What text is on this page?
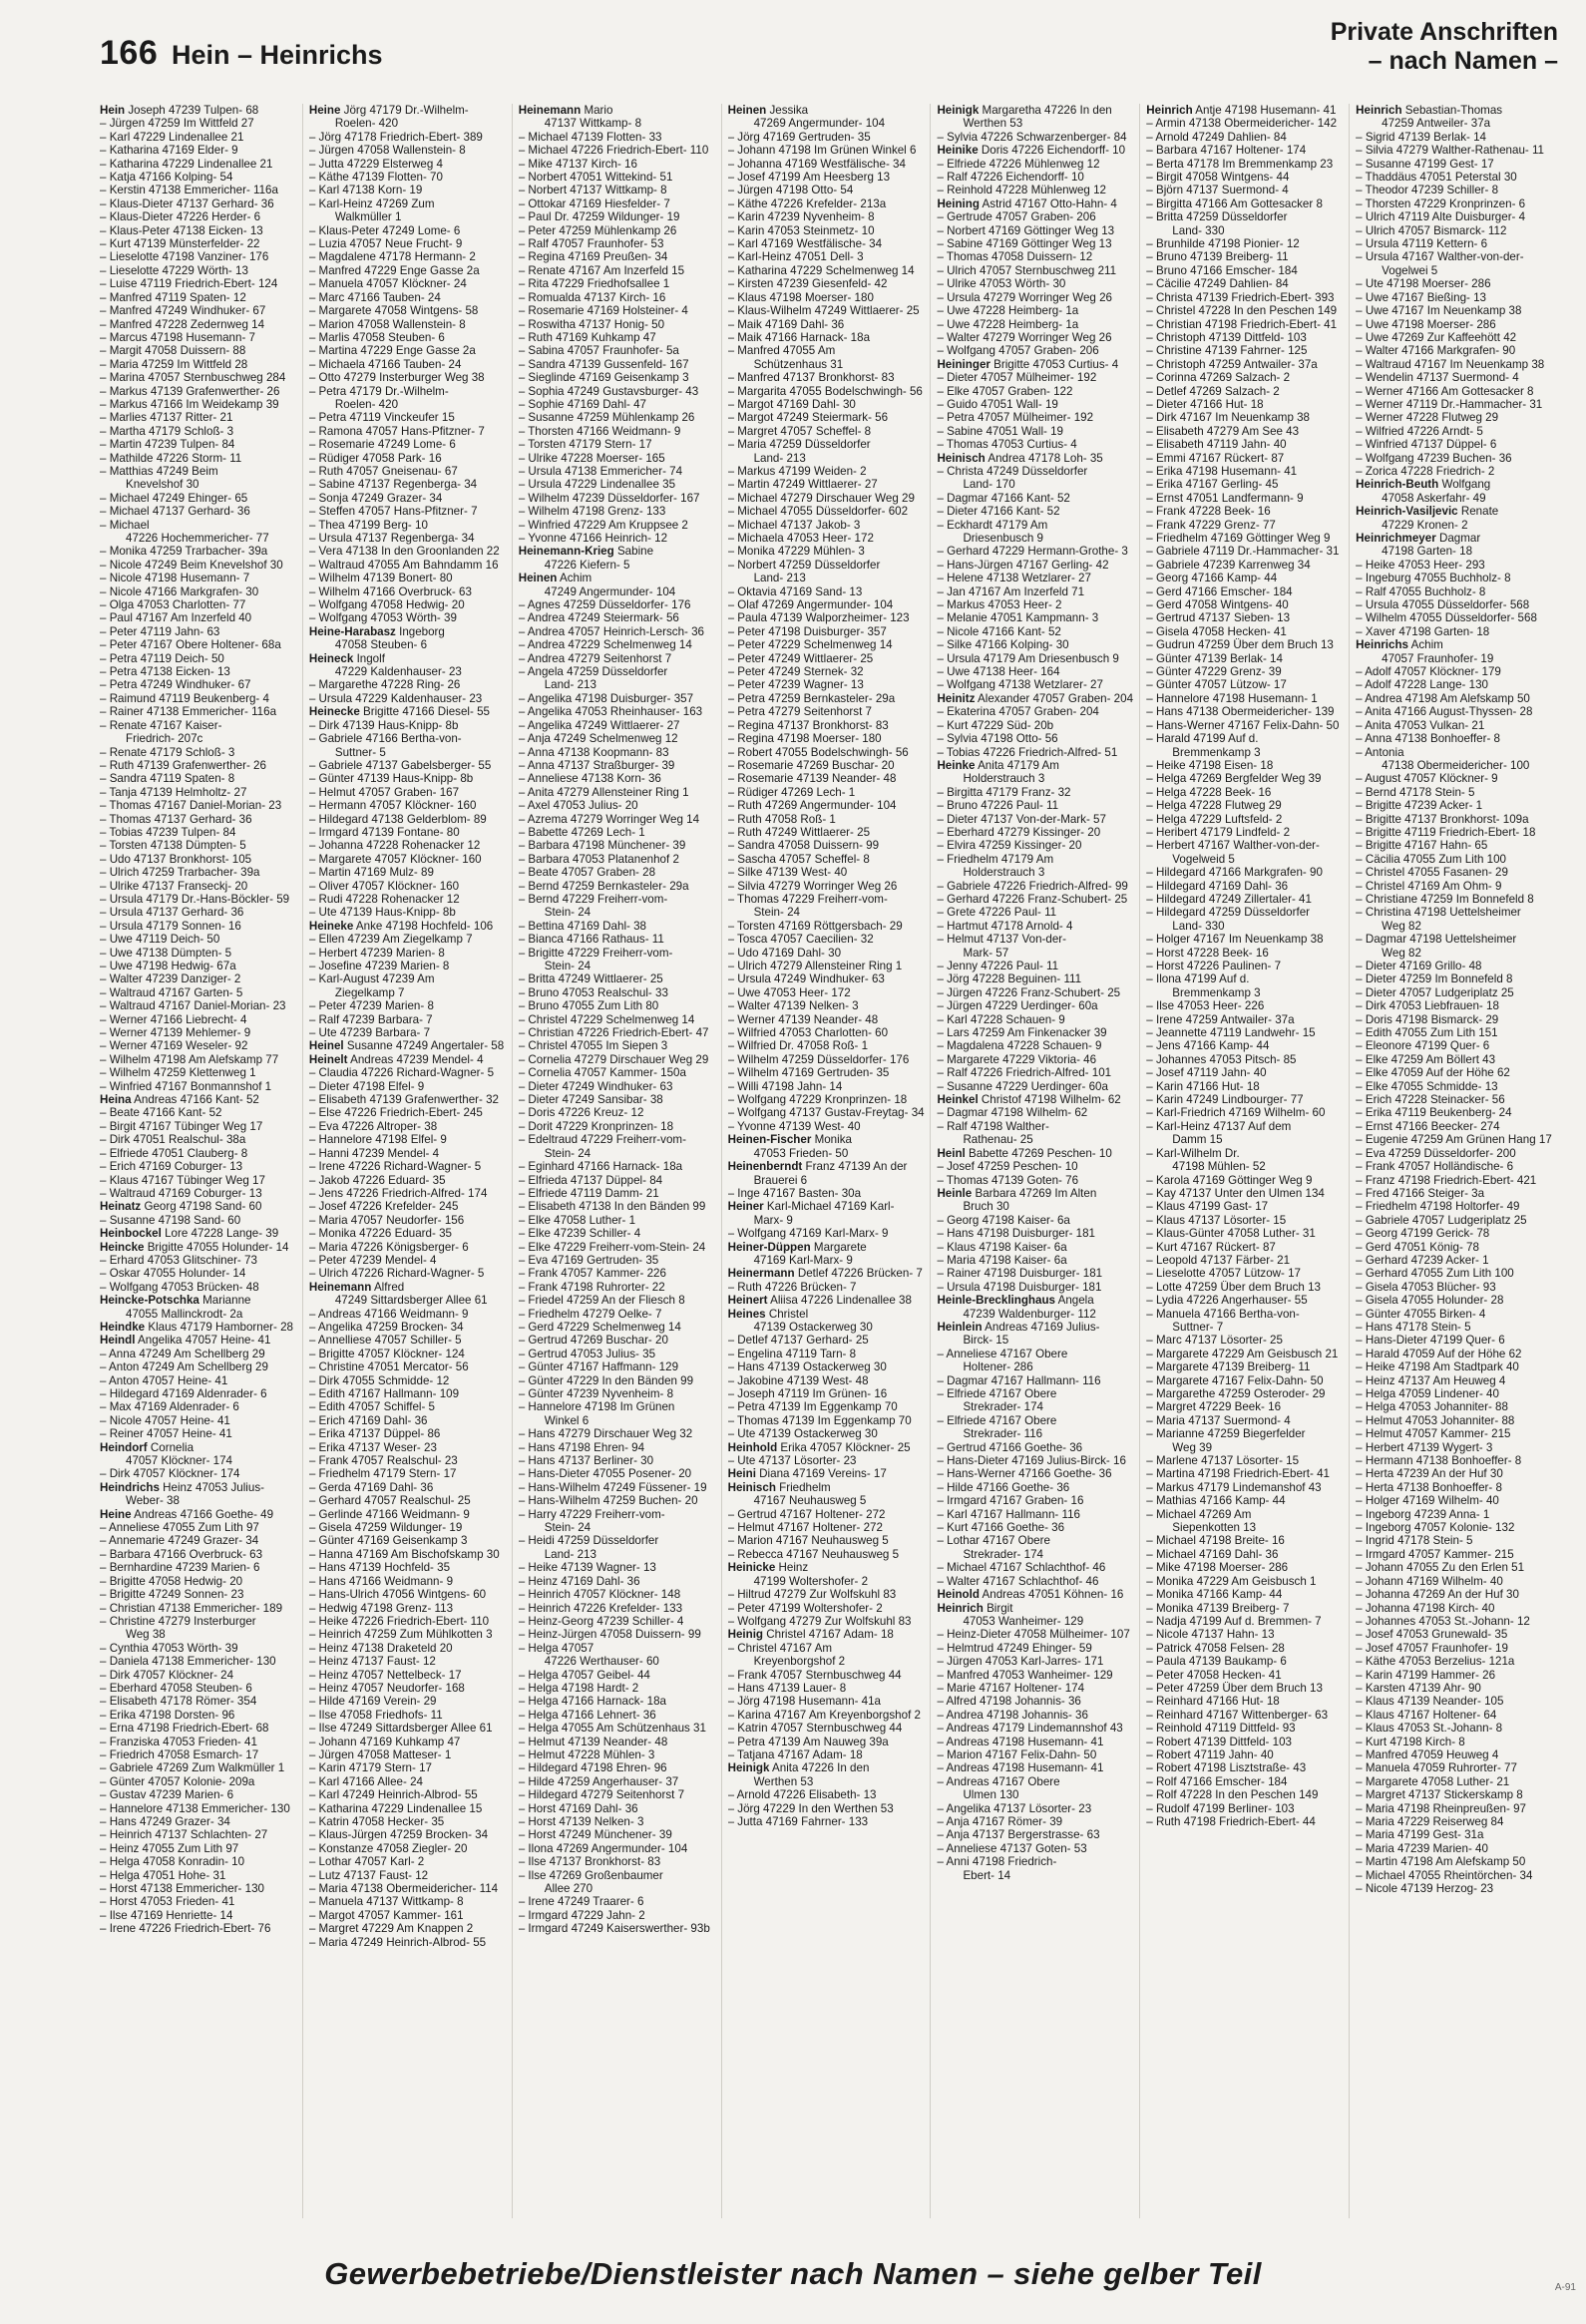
166 Hein – Heinrichs
Private Anschriften
– nach Namen –
Hein Joseph 47239 Tulpen- 68
– Jürgen 47259 Im Wittfeld 27
– Karl 47229 Lindenallee 21
– Katharina 47169 Elder- 9
– Katharina 47229 Lindenallee 21
– Katja 47166 Kolping- 54
– Kerstin 47138 Emmericher- 116a
– Klaus-Dieter 47137 Gerhard- 36
– Klaus-Dieter 47226 Herder- 6
– Klaus-Peter 47138 Eicken- 13
– Kurt 47139 Münsterfelder- 22
– Lieselotte 47198 Vanziner- 176
– Lieselotte 47229 Wörth- 13
– Luise 47119 Friedrich-Ebert- 124
– Manfred 47119 Spaten- 12
– Manfred 47249 Windhuker- 67
– Manfred 47228 Zedernweg 14
– Marcus 47198 Husemann- 7
– Margit 47058 Duissern- 88
– Maria 47259 Im Wittfeld 28
– Marina 47057 Sternbuschweg 284
– Markus 47139 Grafenwerther- 26
– Markus 47166 Im Weidekamp 39
– Marlies 47137 Ritter- 21
– Martha 47179 Schloß- 3
– Martin 47239 Tulpen- 84
– Mathilde 47226 Storm- 11
– Matthias 47249 Beim
Knevelshof 30
– Michael 47249 Ehinger- 65
– Michael 47137 Gerhard- 36
– Michael
47226 Hochemmericher- 77
– Monika 47259 Trarbacher- 39a
– Nicole 47249 Beim Knevelshof 30
– Nicole 47198 Husemann- 7
– Nicole 47166 Markgrafen- 30
– Olga 47053 Charlotten- 77
– Paul 47167 Am Inzerfeld 40
– Peter 47119 Jahn- 63
– Peter 47167 Obere Holtener- 68a
– Petra 47119 Deich- 50
– Petra 47138 Eicken- 13
– Petra 47249 Windhuker- 67
– Raimund 47119 Beukenberg- 4
– Rainer 47138 Emmericher- 116a
– Renate 47167 Kaiser-
Friedrich- 207c
– Renate 47179 Schloß- 3
– Ruth 47139 Grafenwerther- 26
– Sandra 47119 Spaten- 8
– Tanja 47139 Helmholtz- 27
– Thomas 47167 Daniel-Morian- 23
– Thomas 47137 Gerhard- 36
– Tobias 47239 Tulpen- 84
– Torsten 47138 Dümpten- 5
– Udo 47137 Bronkhorst- 105
– Ulrich 47259 Trarbacher- 39a
– Ulrike 47137 Franseckj- 20
– Ursula 47179 Dr.-Hans-Böckler- 59
– Ursula 47137 Gerhard- 36
– Ursula 47179 Sonnen- 16
– Uwe 47119 Deich- 50
– Uwe 47138 Dümpten- 5
– Uwe 47198 Hedwig- 67a
– Walter 47239 Danziger- 2
– Waltraud 47167 Garten- 5
– Waltraud 47167 Daniel-Morian- 23
– Werner 47166 Liebrecht- 4
– Werner 47139 Mehlemer- 9
– Werner 47169 Weseler- 92
– Wilhelm 47198 Am Alefskamp 77
– Wilhelm 47259 Klettenweg 1
– Winfried 47167 Bonmannshof 1
Heina Andreas 47166 Kant- 52
– Beate 47166 Kant- 52
– Birgit 47167 Tübinger Weg 17
– Dirk 47051 Realschul- 38a
– Elfriede 47051 Clauberg- 8
– Erich 47169 Coburger- 13
– Klaus 47167 Tübinger Weg 17
– Waltraud 47169 Coburger- 13
Heinatz Georg 47198 Sand- 60
– Susanne 47198 Sand- 60
Heinbockel Lore 47228 Lange- 39
Heincke Brigitte 47055 Holunder- 14
– Erhard 47053 Glitschiner- 73
– Oskar 47055 Holunder- 14
– Wolfgang 47053 Brücken- 48
Heincke-Potschka Marianne
47055 Mallinckrodt- 2a
Heindke Klaus 47179 Hamborner- 28
Heindl Angelika 47057 Heine- 41
– Anna 47249 Am Schellberg 29
– Anton 47249 Am Schellberg 29
– Anton 47057 Heine- 41
– Hildegard 47169 Aldenrader- 6
– Max 47169 Aldenrader- 6
– Nicole 47057 Heine- 41
– Reiner 47057 Heine- 41
Heindorf Cornelia
47057 Klöckner- 174
– Dirk 47057 Klöckner- 174
Heindrichs Heinz 47053 Julius-
Weber- 38
Heine Andreas 47166 Goethe- 49
– Anneliese 47055 Zum Lith 97
– Annemarie 47249 Grazer- 34
– Barbara 47166 Overbruck- 63
– Bernhardine 47239 Marien- 6
– Brigitte 47058 Hedwig- 20
– Brigitte 47249 Sonnen- 23
– Christian 47138 Emmericher- 189
– Christine 47279 Insterburger
Weg 38
– Cynthia 47053 Wörth- 39
– Daniela 47138 Emmericher- 130
– Dirk 47057 Klöckner- 24
– Eberhard 47058 Steuben- 6
– Elisabeth 47178 Römer- 354
– Erika 47198 Dorsten- 96
– Erna 47198 Friedrich-Ebert- 68
– Franziska 47053 Frieden- 41
– Friedrich 47058 Esmarch- 17
– Gabriele 47269 Zum Walkmüller 1
– Günter 47057 Kolonie- 209a
– Gustav 47239 Marien- 6
– Hannelore 47138 Emmericher- 130
– Hans 47249 Grazer- 34
– Heinrich 47137 Schlachten- 27
– Heinz 47055 Zum Lith 97
– Helga 47058 Konradin- 10
– Helga 47051 Hohe- 31
– Horst 47138 Emmericher- 130
– Horst 47053 Frieden- 41
– Ilse 47169 Henriette- 14
– Irene 47226 Friedrich-Ebert- 76
Heine Jörg 47179 Dr.-Wilhelm-
Roelen- 420
– Jörg 47178 Friedrich-Ebert- 389
– Jürgen 47058 Wallenstein- 8
– Jutta 47229 Elsterweg 4
– Käthe 47139 Flotten- 70
– Karl 47138 Korn- 19
– Karl-Heinz 47269 Zum
Walkmüller 1
– Klaus-Peter 47249 Lome- 6
– Luzia 47057 Neue Frucht- 9
– Magdalene 47178 Hermann- 2
– Manfred 47229 Enge Gasse 2a
– Manuela 47057 Klöckner- 24
– Marc 47166 Tauben- 24
– Margarete 47058 Wintgens- 58
– Marion 47058 Wallenstein- 8
– Marlis 47058 Steuben- 6
– Martina 47229 Enge Gasse 2a
– Michaela 47166 Tauben- 24
– Otto 47279 Insterburger Weg 38
– Petra 47179 Dr.-Wilhelm-
Roelen- 420
– Petra 47119 Vinckeufer 15
– Ramona 47057 Hans-Pfitzner- 7
– Rosemarie 47249 Lome- 6
– Rüdiger 47058 Park- 16
– Ruth 47057 Gneisenau- 67
– Sabine 47137 Regenberga- 34
– Sonja 47249 Grazer- 34
– Steffen 47057 Hans-Pfitzner- 7
– Thea 47199 Berg- 10
– Ursula 47137 Regenberga- 34
– Vera 47138 In den Groonlanden 22
– Waltraud 47055 Am Bahndamm 16
– Wilhelm 47139 Bonert- 80
– Wilhelm 47166 Overbruck- 63
– Wolfgang 47058 Hedwig- 20
– Wolfgang 47053 Wörth- 39
Heine-Harabasz Ingeborg
47058 Steuben- 6
Heineck Ingolf
47229 Kaldenhauser- 23
– Margarethe 47228 Ring- 26
– Ursula 47229 Kaldenhauser- 23
Heinecke Brigitte 47166 Diesel- 55
– Dirk 47139 Haus-Knipp- 8b
– Gabriele 47166 Bertha-von-
Suttner- 5
– Gabriele 47137 Gabelsberger- 55
– Günter 47139 Haus-Knipp- 8b
– Helmut 47057 Graben- 167
– Hermann 47057 Klöckner- 160
– Hildegard 47138 Gelderblom- 89
– Irmgard 47139 Fontane- 80
– Johanna 47228 Rohenacker 12
– Margarete 47057 Klöckner- 160
– Martin 47169 Mulz- 89
– Oliver 47057 Klöckner- 160
– Rudi 47228 Rohenacker 12
– Ute 47139 Haus-Knipp- 8b
Heineke Anke 47198 Hochfeld- 106
– Ellen 47239 Am Ziegelkamp 7
– Herbert 47239 Marien- 8
– Josefine 47239 Marien- 8
– Karl-August 47239 Am
Ziegelkamp 7
– Peter 47239 Marien- 8
– Ralf 47239 Barbara- 7
– Ute 47239 Barbara- 7
Heinel Susanne 47249 Angertaler- 58
Heinelt Andreas 47239 Mendel- 4
– Claudia 47226 Richard-Wagner- 5
– Dieter 47198 Elfel- 9
– Elisabeth 47139 Grafenwerther- 32
– Else 47226 Friedrich-Ebert- 245
– Eva 47226 Altroper- 38
– Hannelore 47198 Elfel- 9
– Hanni 47239 Mendel- 4
– Irene 47226 Richard-Wagner- 5
– Jakob 47226 Eduard- 35
– Jens 47226 Friedrich-Alfred- 174
– Josef 47226 Krefelder- 245
– Maria 47057 Neudorfer- 156
– Monika 47226 Eduard- 35
– Maria 47226 Königsberger- 6
– Peter 47239 Mendel- 4
– Ulrich 47226 Richard-Wagner- 5
Heinemann Alfred
47249 Sittardsberger Allee 61
– Andreas 47166 Weidmann- 9
– Angelika 47259 Brocken- 34
– Annelliese 47057 Schiller- 5
– Brigitte 47057 Klöckner- 124
– Christine 47051 Mercator- 56
– Dirk 47055 Schmidde- 12
– Edith 47167 Hallmann- 109
– Edith 47057 Schiffel- 5
– Erich 47169 Dahl- 36
– Erika 47137 Düppel- 86
– Erika 47137 Weser- 23
– Frank 47057 Realschul- 23
– Friedhelm 47179 Stern- 17
– Gerda 47169 Dahl- 36
– Gerhard 47057 Realschul- 25
– Gerlinde 47166 Weidmann- 9
– Gisela 47259 Wildunger- 19
– Günter 47169 Geisenkamp 3
– Hanna 47169 Am Bischofskamp 30
– Hans 47139 Hochfeld- 35
– Hans 47166 Weidmann- 9
– Hans-Ulrich 47056 Wintgens- 60
– Hedwig 47198 Grenz- 113
– Heike 47226 Friedrich-Ebert- 110
– Heinrich 47259 Zum Mühlkotten 3
– Heinz 47138 Draketeld 20
– Heinz 47137 Faust- 12
– Heinz 47057 Nettelbeck- 17
– Heinz 47057 Neudorfer- 168
– Hilde 47169 Verein- 29
– Ilse 47058 Friedhofs- 11
– Ilse 47249 Sittardsberger Allee 61
– Johann 47169 Kuhkamp 47
– Jürgen 47058 Matteser- 1
– Karin 47179 Stern- 17
– Karl 47166 Allee- 24
– Karl 47249 Heinrich-Albrod- 55
– Katharina 47229 Lindenallee 15
– Katrin 47058 Hecker- 35
– Klaus-Jürgen 47259 Brocken- 34
– Konstanze 47058 Ziegler- 20
– Lothar 47057 Karl- 2
– Lutz 47137 Faust- 12
– Maria 47138 Obermeidericher- 114
– Manuela 47137 Wittkamp- 8
– Margot 47057 Kammer- 161
– Margret 47229 Am Knappen 2
– Maria 47249 Heinrich-Albrod- 55
Heinemann Mario
47137 Wittkamp- 8
– Michael 47139 Flotten- 33
– Michael 47226 Friedrich-Ebert- 110
– Mike 47137 Kirch- 16
– Norbert 47051 Wittekind- 51
– Norbert 47137 Wittkamp- 8
– Ottokar 47169 Hiesfelder- 7
– Paul Dr. 47259 Wildunger- 19
– Peter 47259 Mühlenkamp 26
– Ralf 47057 Fraunhofer- 53
– Regina 47169 Preußen- 34
– Renate 47167 Am Inzerfeld 15
– Rita 47229 Friedhofsallee 1
– Romualda 47137 Kirch- 16
– Rosemarie 47169 Holsteiner- 4
– Roswitha 47137 Honig- 50
– Ruth 47169 Kuhkamp 47
– Sabina 47057 Fraunhofer- 5a
– Sandra 47139 Gussenfeld- 167
– Sieglinde 47169 Geisenkamp 3
– Sophia 47249 Gustavsburger- 43
– Sophie 47169 Dahl- 47
– Susanne 47259 Mühlenkamp 26
– Thorsten 47166 Weidmann- 9
– Torsten 47179 Stern- 17
– Ulrike 47228 Moerser- 165
– Ursula 47138 Emmericher- 74
– Ursula 47229 Lindenallee 35
– Wilhelm 47239 Düsseldorfer- 167
– Wilhelm 47198 Grenz- 133
– Winfried 47229 Am Kruppsee 2
– Yvonne 47166 Heinrich- 12
Heinemann-Krieg Sabine
47226 Kiefern- 5
Heinen Achim
47249 Angermunder- 104
– Agnes 47259 Düsseldorfer- 176
– Andrea 47249 Steiermark- 56
– Andrea 47057 Heinrich-Lersch- 36
– Andrea 47229 Schelmenweg 14
– Andrea 47279 Seitenhorst 7
– Angela 47259 Düsseldorfer
Land- 213
– Angelika 47198 Duisburger- 357
– Angelika 47053 Rheinhauser- 163
– Angelika 47249 Wittlaerer- 27
– Anja 47249 Schelmenweg 12
– Anna 47138 Koopmann- 83
– Anna 47137 Straßburger- 39
– Anneliese 47138 Korn- 36
– Anita 47279 Allensteiner Ring 1
– Axel 47053 Julius- 20
– Azrema 47279 Worringer Weg 14
– Babette 47269 Lech- 1
– Barbara 47198 Münchener- 39
– Barbara 47053 Platanenhof 2
– Beate 47057 Graben- 28
– Bernd 47259 Bernkasteler- 29a
– Bernd 47229 Freiherr-vom-
Stein- 24
– Bettina 47169 Dahl- 38
– Bianca 47166 Rathaus- 11
– Brigitte 47229 Freiherr-vom-
Stein- 24
– Britta 47249 Wittlaerer- 25
– Bruno 47053 Realschul- 33
– Bruno 47055 Zum Lith 80
– Christel 47229 Schelmenweg 14
– Christian 47226 Friedrich-Ebert- 47
– Christel 47055 Im Siepen 3
– Cornelia 47279 Dirschauer Weg 29
– Cornelia 47057 Kammer- 150a
– Dieter 47249 Windhuker- 63
– Dieter 47249 Sansibar- 38
– Doris 47226 Kreuz- 12
– Dorit 47229 Kronprinzen- 18
– Edeltraud 47229 Freiherr-vom-
Stein- 24
– Eginhard 47166 Harnack- 18a
– Elfrieda 47137 Düppel- 84
– Elfriede 47119 Damm- 21
– Elisabeth 47138 In den Bänden 99
– Elke 47058 Luther- 1
– Elke 47239 Schiller- 4
– Elke 47229 Freiherr-vom-Stein- 24
– Eva 47169 Gertruden- 35
– Frank 47057 Kammer- 226
– Frank 47198 Ruhrorter- 22
– Friedel 47259 An der Fliesch 8
– Friedhelm 47279 Oelke- 7
– Gerd 47229 Schelmenweg 14
– Gertrud 47269 Buschar- 20
– Gertrud 47053 Julius- 35
– Günter 47167 Haffmann- 129
– Günter 47229 In den Bänden 99
– Günter 47239 Nyvenheim- 8
– Hannelore 47198 Im Grünen
Winkel 6
– Hans 47279 Dirschauer Weg 32
– Hans 47198 Ehren- 94
– Hans 47137 Berliner- 30
– Hans-Dieter 47055 Posener- 20
– Hans-Wilhelm 47249 Füssener- 19
– Hans-Wilhelm 47259 Buchen- 20
– Harry 47229 Freiherr-vom-
Stein- 24
– Heidi 47259 Düsseldorfer
Land- 213
– Heike 47139 Wagner- 13
– Heinz 47169 Dahl- 36
– Heinrich 47057 Klöckner- 148
– Heinrich 47226 Krefelder- 133
– Heinz-Georg 47239 Schiller- 4
– Heinz-Jürgen 47058 Duissern- 99
– Helga 47057
47226 Werthauser- 60
– Helga 47057 Geibel- 44
– Helga 47198 Hardt- 2
– Helga 47166 Harnack- 18a
– Helga 47166 Lehnert- 36
– Helga 47055 Am Schützenhaus 31
– Helmut 47139 Neander- 48
– Helmut 47228 Mühlen- 3
– Hildegard 47198 Ehren- 96
– Hilde 47259 Angerhauser- 37
– Hildegard 47279 Seitenhorst 7
– Horst 47169 Dahl- 36
– Horst 47139 Nelken- 3
– Horst 47249 Münchener- 39
– Ilona 47269 Angermunder- 104
– Ilse 47137 Bronkhorst- 83
– Ilse 47269 Großenbaumer
Allee 270
– Irene 47249 Traarer- 6
– Irmgard 47229 Jahn- 2
– Irmgard 47249 Kaiserswerther- 93b
Heinen Jessika
47269 Angermunder- 104
– Jörg 47169 Gertruden- 35
– Johann 47198 Im Grünen Winkel 6
– Johanna 47169 Westfälische- 34
– Josef 47199 Am Heesberg 13
– Jürgen 47198 Otto- 54
– Käthe 47226 Krefelder- 213a
– Karin 47239 Nyvenheim- 8
– Karin 47053 Steinmetz- 10
– Karl 47169 Westfälische- 34
– Karl-Heinz 47051 Dell- 3
– Katharina 47229 Schelmenweg 14
– Kirsten 47239 Giesenfeld- 42
– Klaus 47198 Moerser- 180
– Klaus-Wilhelm 47249 Wittlaerer- 25
– Maik 47169 Dahl- 36
– Maik 47166 Harnack- 18a
– Manfred 47055 Am
Schützenhaus 31
– Manfred 47137 Bronkhorst- 83
– Margarita 47055 Bodelschwingh- 56
– Margot 47169 Dahl- 30
– Margot 47249 Steiermark- 56
– Margret 47057 Scheffel- 8
– Maria 47259 Düsseldorfer
Land- 213
– Markus 47199 Weiden- 2
– Martin 47249 Wittlaerer- 27
– Michael 47279 Dirschauer Weg 29
– Michael 47055 Düsseldorfer- 602
– Michael 47137 Jakob- 3
– Michaela 47053 Heer- 172
– Monika 47229 Mühlen- 3
– Norbert 47259 Düsseldorfer
Land- 213
– Oktavia 47169 Sand- 13
– Olaf 47269 Angermunder- 104
– Paula 47139 Walporzheimer- 123
– Peter 47198 Duisburger- 357
– Peter 47229 Schelmenweg 14
– Peter 47249 Wittlaerer- 25
– Peter 47249 Sternek- 32
– Peter 47239 Wagner- 13
– Petra 47259 Bernkasteler- 29a
– Petra 47279 Seitenhorst 7
– Regina 47137 Bronkhorst- 83
– Regina 47198 Moerser- 180
– Robert 47055 Bodelschwingh- 56
– Rosemarie 47269 Buschar- 20
– Rosemarie 47139 Neander- 48
– Rüdiger 47269 Lech- 1
– Ruth 47269 Angermunder- 104
– Ruth 47058 Roß- 1
– Ruth 47249 Wittlaerer- 25
– Sandra 47058 Duissern- 99
– Sascha 47057 Scheffel- 8
– Silke 47139 West- 40
– Silvia 47279 Worringer Weg 26
– Thomas 47229 Freiherr-vom-
Stein- 24
– Torsten 47169 Röttgersbach- 29
– Tosca 47057 Caecilien- 32
– Udo 47169 Dahl- 30
– Ulrich 47279 Allensteiner Ring 1
– Ursula 47249 Windhuker- 63
– Uwe 47053 Heer- 172
– Walter 47139 Nelken- 3
– Werner 47139 Neander- 48
– Wilfried 47053 Charlotten- 60
– Wilfried Dr. 47058 Roß- 1
– Wilhelm 47259 Düsseldorfer- 176
– Wilhelm 47169 Gertruden- 35
– Willi 47198 Jahn- 14
– Wolfgang 47229 Kronprinzen- 18
– Wolfgang 47137 Gustav-Freytag- 34
– Yvonne 47139 West- 40
Heinen-Fischer Monika
47053 Frieden- 50
Heinenberndt Franz 47139 An der
Brauerei 6
– Inge 47167 Basten- 30a
Heiner Karl-Michael 47169 Karl-
Marx- 9
– Wolfgang 47169 Karl-Marx- 9
Heiner-Düppen Margarete
47169 Karl-Marx- 9
Heinermann Detlef 47226 Brücken- 7
– Ruth 47226 Brücken- 7
Heinert Aliisa 47226 Lindenallee 38
Heines Christel
47139 Ostackerweg 30
– Detlef 47137 Gerhard- 25
– Engelina 47119 Tarn- 8
– Hans 47139 Ostackerweg 30
– Jakobine 47139 West- 48
– Joseph 47119 Im Grünen- 16
– Petra 47139 Im Eggenkamp 70
– Thomas 47139 Im Eggenkamp 70
– Ute 47139 Ostackerweg 30
Heinhold Erika 47057 Klöckner- 25
– Ute 47137 Lösorter- 23
Heini Diana 47169 Vereins- 17
Heinisch Friedhelm
47167 Neuhausweg 5
– Gertrud 47167 Holtener- 272
– Helmut 47167 Holtener- 272
– Marion 47167 Neuhausweg 5
– Rebecca 47167 Neuhausweg 5
Heinicke Heinz
47199 Woltershofer- 2
– Hiltrud 47279 Zur Wolfskuhl 83
– Peter 47199 Woltershofer- 2
– Wolfgang 47279 Zur Wolfskuhl 83
Heinig Christel 47167 Adam- 18
– Christel 47167 Am
Kreyenborgshof 2
– Frank 47057 Sternbuschweg 44
– Hans 47139 Lauer- 8
– Jörg 47198 Husemann- 41a
– Karina 47167 Am Kreyenborgshof 2
– Katrin 47057 Sternbuschweg 44
– Petra 47139 Am Nauweg 39a
– Tatjana 47167 Adam- 18
Heinigk Anita 47226 In den
Werthen 53
– Arnold 47226 Elisabeth- 13
– Jörg 47229 In den Werthen 53
– Jutta 47169 Fahrner- 133
Heinigk Margaretha 47226 In den
Werthen 53
– Sylvia 47226 Schwarzenberger- 84
Heinike Doris 47226 Eichendorff- 10
– Elfriede 47226 Mühlenweg 12
– Ralf 47226 Eichendorff- 10
– Reinhold 47228 Mühlenweg 12
Heining Astrid 47167 Otto-Hahn- 4
– Gertrude 47057 Graben- 206
– Norbert 47169 Göttinger Weg 13
– Sabine 47169 Göttinger Weg 13
– Thomas 47058 Duissern- 12
– Ulrich 47057 Sternbuschweg 211
– Ulrike 47053 Wörth- 30
– Ursula 47279 Worringer Weg 26
– Uwe 47228 Heimberg- 1a
– Uwe 47228 Heimberg- 1a
– Walter 47279 Worringer Weg 26
– Wolfgang 47057 Graben- 206
Heininger Brigitte 47053 Curtius- 4
– Dieter 47057 Mülheimer- 192
– Elke 47057 Graben- 122
– Guido 47051 Wall- 19
– Petra 47057 Mülheimer- 192
– Sabine 47051 Wall- 19
– Thomas 47053 Curtius- 4
Heinisch Andrea 47178 Loh- 35
– Christa 47249 Düsseldorfer
Land- 170
– Dagmar 47166 Kant- 52
– Dieter 47166 Kant- 52
– Eckhardt 47179 Am
Driesenbusch 9
– Gerhard 47229 Hermann-Grothe- 3
– Hans-Jürgen 47167 Gerling- 42
– Helene 47138 Wetzlarer- 27
– Jan 47167 Am Inzerfeld 71
– Markus 47053 Heer- 2
– Melanie 47051 Kampmann- 3
– Nicole 47166 Kant- 52
– Silke 47166 Kolping- 30
– Ursula 47179 Am Driesenbusch 9
– Uwe 47138 Heer- 164
– Wolfgang 47138 Wetzlarer- 27
Heinitz Alexander 47057 Graben- 204
– Ekaterina 47057 Graben- 204
– Kurt 47229 Süd- 20b
– Sylvia 47198 Otto- 56
– Tobias 47226 Friedrich-Alfred- 51
Heinke Anita 47179 Am
Holderstrauch 3
– Birgitta 47179 Franz- 32
– Bruno 47226 Paul- 11
– Dieter 47137 Von-der-Mark- 57
– Eberhard 47279 Kissinger- 20
– Elvira 47259 Kissinger- 20
– Friedhelm 47179 Am
Holderstrauch 3
– Gabriele 47226 Friedrich-Alfred- 99
– Gerhard 47226 Franz-Schubert- 25
– Grete 47226 Paul- 11
– Hartmut 47178 Arnold- 4
– Helmut 47137 Von-der-
Mark- 57
– Jenny 47226 Paul- 11
– Jörg 47228 Beguinen- 111
– Jürgen 47226 Franz-Schubert- 25
– Jürgen 47229 Uerdinger- 60a
– Karl 47228 Schauen- 9
– Lars 47259 Am Finkenacker 39
– Magdalena 47228 Schauen- 9
– Margarete 47229 Viktoria- 46
– Ralf 47226 Friedrich-Alfred- 101
– Susanne 47229 Uerdinger- 60a
Heinkel Christof 47198 Wilhelm- 62
– Dagmar 47198 Wilhelm- 62
– Ralf 47198 Walther-
Rathenau- 25
Heinl Babette 47269 Peschen- 10
– Josef 47259 Peschen- 10
– Thomas 47139 Goten- 76
Heinle Barbara 47269 Im Alten
Bruch 30
– Georg 47198 Kaiser- 6a
– Hans 47198 Duisburger- 181
– Klaus 47198 Kaiser- 6a
– Maria 47198 Kaiser- 6a
– Rainer 47198 Duisburger- 181
– Ursula 47198 Duisburger- 181
Heinle-Brecklinghaus Angela
47239 Waldenburger- 112
Heinlein Andreas 47169 Julius-
Birck- 15
– Anneliese 47167 Obere
Holtener- 286
– Dagmar 47167 Hallmann- 116
– Elfriede 47167 Obere
Strekrader- 174
– Elfriede 47167 Obere
Strekrader- 116
– Gertrud 47166 Goethe- 36
– Hans-Dieter 47169 Julius-Birck- 16
– Hans-Werner 47166 Goethe- 36
– Hilde 47166 Goethe- 36
– Irmgard 47167 Graben- 16
– Karl 47167 Hallmann- 116
– Kurt 47166 Goethe- 36
– Lothar 47167 Obere
Strekrader- 174
– Michael 47167 Schlachthof- 46
– Walter 47167 Schlachthof- 46
Heinold Andreas 47051 Köhnen- 16
Heinrich Birgit
47053 Wanheimer- 129
– Heinz-Dieter 47058 Mülheimer- 107
– Helmtrud 47249 Ehinger- 59
– Jürgen 47053 Karl-Jarres- 171
– Manfred 47053 Wanheimer- 129
– Marie 47167 Holtener- 174
– Alfred 47198 Johannis- 36
– Andrea 47198 Johannis- 36
– Andreas 47179 Lindemannshof 43
– Andreas 47198 Husemann- 41
– Marion 47167 Felix-Dahn- 50
– Andreas 47198 Husemann- 41
– Andreas 47167 Obere
Ulmen 130
– Angelika 47137 Lösorter- 23
– Anja 47167 Römer- 39
– Anja 47137 Bergerstrasse- 63
– Anneliese 47137 Goten- 53
– Anni 47198 Friedrich-
Ebert- 14
Heinrich Antje 47198 Husemann- 41
– Armin 47138 Obermeidericher- 142
– Arnold 47249 Dahlien- 84
– Barbara 47167 Holtener- 174
– Berta 47178 Im Bremmenkamp 23
– Birgit 47058 Wintgens- 44
– Björn 47137 Suermond- 4
– Birgitta 47166 Am Gottesacker 8
– Britta 47259 Düsseldorfer
Land- 330
– Brunhilde 47198 Pionier- 12
– Bruno 47139 Breiberg- 11
– Bruno 47166 Emscher- 184
– Cäcilie 47249 Dahlien- 84
– Christa 47139 Friedrich-Ebert- 393
– Christel 47228 In den Peschen 149
– Christian 47198 Friedrich-Ebert- 41
– Christoph 47139 Dittfeld- 103
– Christine 47139 Fahrner- 125
– Christoph 47259 Antwailer- 37a
– Corinna 47269 Salzach- 2
– Detlef 47269 Salzach- 2
– Dieter 47166 Hut- 18
– Dirk 47167 Im Neuenkamp 38
– Elisabeth 47279 Am See 43
– Elisabeth 47119 Jahn- 40
– Emmi 47167 Rückert- 87
– Erika 47198 Husemann- 41
– Erika 47167 Gerling- 45
– Ernst 47051 Landfermann- 9
– Frank 47228 Beek- 16
– Frank 47229 Grenz- 77
– Friedhelm 47169 Göttinger Weg 9
– Gabriele 47119 Dr.-Hammacher- 31
– Gabriele 47239 Karrenweg 34
– Georg 47166 Kamp- 44
– Gerd 47166 Emscher- 184
– Gerd 47058 Wintgens- 40
– Gertrud 47137 Sieben- 13
– Gisela 47058 Hecken- 41
– Gudrun 47259 Über dem Bruch 13
– Günter 47139 Berlak- 14
– Günter 47229 Grenz- 39
– Günter 47057 Lützow- 17
– Hannelore 47198 Husemann- 1
– Hans 47138 Obermeidericher- 139
– Hans-Werner 47167 Felix-Dahn- 50
– Harald 47199 Auf d.
Bremmenkamp 3
– Heike 47198 Eisen- 18
– Helga 47269 Bergfelder Weg 39
– Helga 47228 Beek- 16
– Helga 47228 Flutweg 29
– Helga 47229 Luftsfeld- 2
– Heribert 47179 Lindfeld- 2
– Herbert 47167 Walther-von-der-
Vogelweid 5
– Hildegard 47166 Markgrafen- 90
– Hildegard 47169 Dahl- 36
– Hildegard 47249 Zillertaler- 41
– Hildegard 47259 Düsseldorfer
Land- 330
– Holger 47167 Im Neuenkamp 38
– Horst 47228 Beek- 16
– Horst 47226 Paulinen- 7
– Ilona 47199 Auf d.
Bremmenkamp 3
– Ilse 47053 Heer- 226
– Irene 47259 Antwailer- 37a
– Jeannette 47119 Landwehr- 15
– Jens 47166 Kamp- 44
– Johannes 47053 Pitsch- 85
– Josef 47119 Jahn- 40
– Karin 47166 Hut- 18
– Karin 47249 Lindbourger- 77
– Karl-Friedrich 47169 Wilhelm- 60
– Karl-Heinz 47137 Auf dem
Damm 15
– Karl-Wilhelm Dr.
47198 Mühlen- 52
– Karola 47169 Göttinger Weg 9
– Kay 47137 Unter den Ulmen 134
– Klaus 47199 Gast- 17
– Klaus 47137 Lösorter- 15
– Klaus-Günter 47058 Luther- 31
– Kurt 47167 Rückert- 87
– Leopold 47137 Färber- 21
– Lieselotte 47057 Lützow- 17
– Lotte 47259 Über dem Bruch 13
– Lydia 47226 Angerhauser- 55
– Manuela 47166 Bertha-von-
Suttner- 7
– Marc 47137 Lösorter- 25
– Margarete 47229 Am Geisbusch 21
– Margarete 47139 Breiberg- 11
– Margarete 47167 Felix-Dahn- 50
– Margarethe 47259 Osteroder- 29
– Margret 47229 Beek- 16
– Maria 47137 Suermond- 4
– Marianne 47259 Biegerfelder
Weg 39
– Marlene 47137 Lösorter- 15
– Martina 47198 Friedrich-Ebert- 41
– Markus 47179 Lindemanshof 43
– Mathias 47166 Kamp- 44
– Michael 47269 Am
Siepenkotten 13
– Michael 47198 Breite- 16
– Michael 47169 Dahl- 36
– Mike 47198 Moerser- 286
– Monika 47229 Am Geisbusch 1
– Monika 47166 Kamp- 44
– Monika 47139 Breiberg- 7
– Nadja 47199 Auf d. Bremmen- 7
– Nicole 47137 Hahn- 13
– Patrick 47058 Felsen- 28
– Paula 47139 Baukamp- 6
– Peter 47058 Hecken- 41
– Peter 47259 Über dem Bruch 13
– Reinhard 47166 Hut- 18
– Reinhard 47167 Wittenberger- 63
– Reinhold 47119 Dittfeld- 93
– Robert 47139 Dittfeld- 103
– Robert 47119 Jahn- 40
– Robert 47198 Lisztstraße- 43
– Rolf 47166 Emscher- 184
– Rolf 47228 In den Peschen 149
– Rudolf 47199 Berliner- 103
– Ruth 47198 Friedrich-Ebert- 44
Heinrich Sebastian-Thomas
47259 Antweiler- 37a
– Sigrid 47139 Berlak- 14
– Silvia 47279 Walther-Rathenau- 11
– Susanne 47199 Gest- 17
– Thaddäus 47051 Peterstal 30
– Theodor 47239 Schiller- 8
– Thorsten 47229 Kronprinzen- 6
– Ulrich 47119 Alte Duisburger- 4
– Ulrich 47057 Bismarck- 112
– Ursula 47119 Kettern- 6
– Ursula 47167 Walther-von-der-
Vogelwei 5
– Ute 47198 Moerser- 286
– Uwe 47167 Bießing- 13
– Uwe 47167 Im Neuenkamp 38
– Uwe 47198 Moerser- 286
– Uwe 47269 Zur Kaffeehött 42
– Walter 47166 Markgrafen- 90
– Waltraud 47167 Im Neuenkamp 38
– Wendelin 47137 Suermond- 4
– Werner 47166 Am Gottesacker 8
– Werner 47119 Dr.-Hammacher- 31
– Werner 47228 Flutweg 29
– Wilfried 47226 Arndt- 5
– Winfried 47137 Düppel- 6
– Wolfgang 47239 Buchen- 36
– Zorica 47228 Friedrich- 2
Heinrich-Beuth Wolfgang
47058 Askerfahr- 49
Heinrich-Vasiljevic Renate
47229 Kronen- 2
Heinrichmeyer Dagmar
47198 Garten- 18
– Heike 47053 Heer- 293
– Ingeburg 47055 Buchholz- 8
– Ralf 47055 Buchholz- 8
– Ursula 47055 Düsseldorfer- 568
– Wilhelm 47055 Düsseldorfer- 568
– Xaver 47198 Garten- 18
Heinrichs Achim
47057 Fraunhofer- 19
– Adolf 47057 Klöckner- 179
– Adolf 47228 Lange- 130
– Andrea 47198 Am Alefskamp 50
– Anita 47166 August-Thyssen- 28
– Anita 47053 Vulkan- 21
– Anna 47138 Bonhoeffer- 8
– Antonia
47138 Obermeidericher- 100
– August 47057 Klöckner- 9
– Bernd 47178 Stein- 5
– Brigitte 47239 Acker- 1
– Brigitte 47137 Bronkhorst- 109a
– Brigitte 47119 Friedrich-Ebert- 18
– Brigitte 47167 Hahn- 65
– Cäcilia 47055 Zum Lith 100
– Christel 47055 Fasanen- 29
– Christel 47169 Am Ohm- 9
– Christiane 47259 Im Bonnefeld 8
– Christina 47198 Uettelsheimer
Weg 82
– Dagmar 47198 Uettelsheimer
Weg 82
– Dieter 47169 Grillo- 48
– Dieter 47259 Im Bonnefeld 8
– Dieter 47057 Ludgeriplatz 25
– Dirk 47053 Liebfrauen- 18
– Doris 47198 Bismarck- 29
– Edith 47055 Zum Lith 151
– Eleonore 47199 Quer- 6
– Elke 47259 Am Böllert 43
– Elke 47059 Auf der Höhe 62
– Elke 47055 Schmidde- 13
– Erich 47228 Steinacker- 56
– Erika 47119 Beukenberg- 24
– Ernst 47166 Beecker- 274
– Eugenie 47259 Am Grünen Hang 17
– Eva 47259 Düsseldorfer- 200
– Frank 47057 Holländische- 6
– Franz 47198 Friedrich-Ebert- 421
– Fred 47166 Steiger- 3a
– Friedhelm 47198 Holtorfer- 49
– Gabriele 47057 Ludgeriplatz 25
– Georg 47199 Gerick- 78
– Gerd 47051 König- 78
– Gerhard 47239 Acker- 1
– Gerhard 47055 Zum Lith 100
– Gisela 47053 Blücher- 93
– Gisela 47055 Holunder- 28
– Günter 47055 Birken- 4
– Hans 47178 Stein- 5
– Hans-Dieter 47199 Quer- 6
– Harald 47059 Auf der Höhe 62
– Heike 47198 Am Stadtpark 40
– Heinz 47137 Am Heuweg 4
– Helga 47059 Lindener- 40
– Helga 47053 Johanniter- 88
– Helmut 47053 Johanniter- 88
– Helmut 47057 Kammer- 215
– Herbert 47139 Wygert- 3
– Hermann 47138 Bonhoeffer- 8
– Herta 47239 An der Huf 30
– Herta 47138 Bonhoeffer- 8
– Holger 47169 Wilhelm- 40
– Ingeborg 47239 Anna- 1
– Ingeborg 47057 Kolonie- 132
– Ingrid 47178 Stein- 5
– Irmgard 47057 Kammer- 215
– Johann 47055 Zu den Erlen 51
– Johann 47169 Wilhelm- 40
– Johanna 47269 An der Huf 30
– Johanna 47198 Kirch- 40
– Johannes 47053 St.-Johann- 12
– Josef 47053 Grunewald- 35
– Josef 47057 Fraunhofer- 19
– Käthe 47053 Berzelius- 121a
– Karin 47199 Hammer- 26
– Karsten 47139 Ahr- 90
– Klaus 47139 Neander- 105
– Klaus 47167 Holtener- 64
– Klaus 47053 St.-Johann- 8
– Kurt 47198 Kirch- 8
– Manfred 47059 Heuweg 4
– Manuela 47059 Ruhrorter- 77
– Margarete 47058 Luther- 21
– Margret 47137 Stickerskamp 8
– Maria 47198 Rheinpreußen- 97
– Maria 47229 Reiserweg 84
– Maria 47199 Gest- 31a
– Maria 47239 Marien- 40
– Martin 47198 Am Alefskamp 50
– Michael 47055 Rheintörchen- 34
– Nicole 47139 Herzog- 23
Gewerbebetriebe/Dienstleister nach Namen – siehe gelber Teil	A-91
